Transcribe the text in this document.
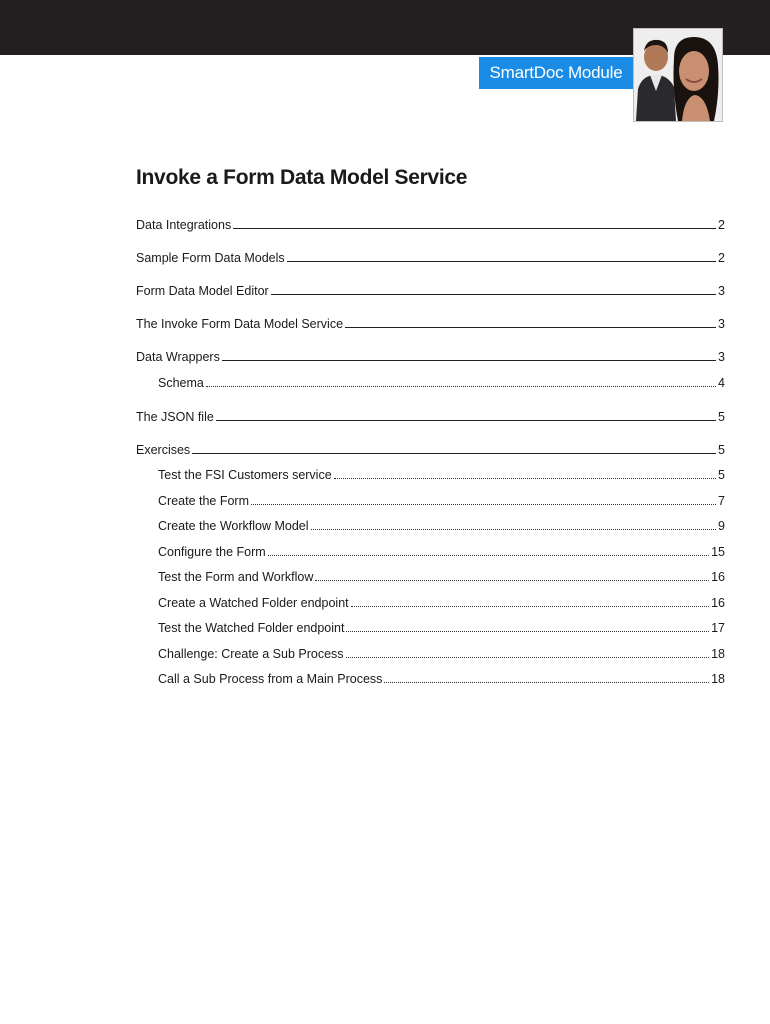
SmartDoc Module
Invoke a Form Data Model Service
Data Integrations	2
Sample Form Data Models	2
Form Data Model Editor	3
The Invoke Form Data Model Service	3
Data Wrappers	3
Schema	4
The JSON file	5
Exercises	5
Test the FSI Customers service	5
Create the Form	7
Create the Workflow Model	9
Configure the Form	15
Test the Form and Workflow	16
Create a Watched Folder endpoint	16
Test the Watched Folder endpoint	17
Challenge: Create a Sub Process	18
Call a Sub Process from a Main Process	18
